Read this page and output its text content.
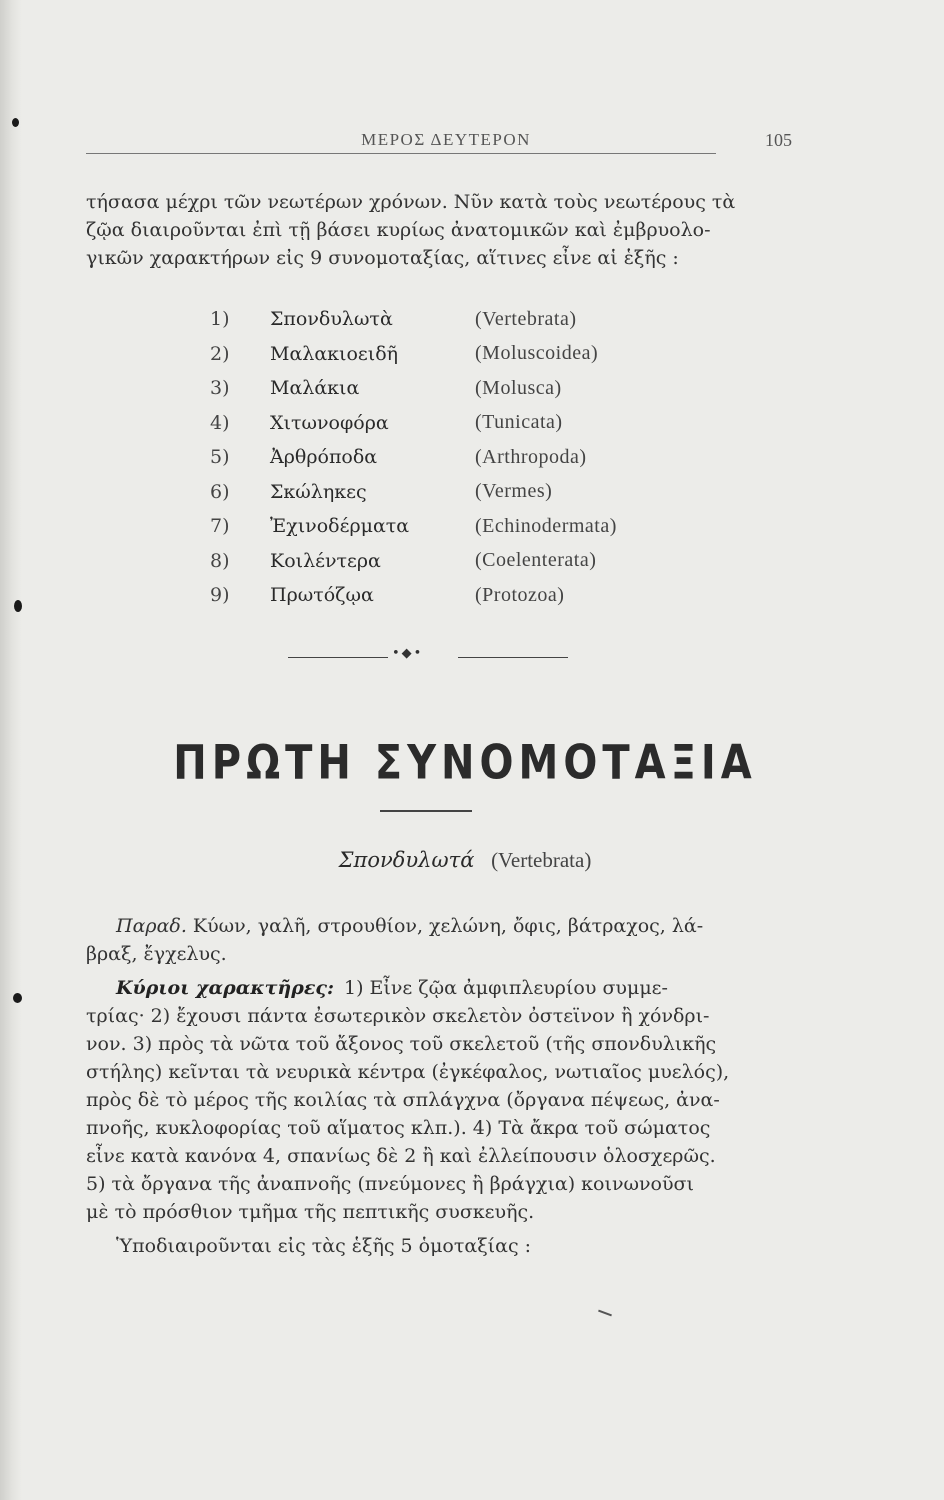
ΜΕΡΟΣ ΔΕΥΤΕΡΟΝ	105
τήσασα μέχρι τῶν νεωτέρων χρόνων. Νῦν κατὰ τοὺς νεωτέρους τὰ
ζῷα διαιροῦνται ἐπὶ τῇ βάσει κυρίως ἀνατομικῶν καὶ ἐμβρυολο-
γικῶν χαρακτήρων εἰς 9 συνομοταξίας, αἵτινες εἶνε αἱ ἑξῆς :
1)	Σπονδυλωτὰ	(Vertebrata)
2)	Μαλακιοειδῆ	(Moluscoidea)
3)	Μαλάκια	(Molusca)
4)	Χιτωνοφόρα	(Tunicata)
5)	Ἀρθρόποδα	(Arthropoda)
6)	Σκώληκες	(Vermes)
7)	Ἐχινοδέρματα	(Echinodermata)
8)	Κοιλέντερα	(Coelenterata)
9)	Πρωτόζῳα	(Protozoa)
•◆•
ΠΡΩΤΗ ΣΥΝΟΜΟΤΑΞΙΑ
Σπονδυλωτά (Vertebrata)

Παραδ. Κύων, γαλῆ, στρουθίον, χελώνη, ὄφις, βάτραχος, λά-
βραξ, ἔγχελυς.

Κύριοι χαρακτῆρες: 1) Εἶνε ζῷα ἀμφιπλευρίου συμμε-
τρίας· 2) ἔχουσι πάντα ἐσωτερικὸν σκελετὸν ὀστεϊνον ἢ χόνδρι-
νον. 3) πρὸς τὰ νῶτα τοῦ ἄξονος τοῦ σκελετοῦ (τῆς σπονδυλικῆς
στήλης) κεῖνται τὰ νευρικὰ κέντρα (ἐγκέφαλος, νωτιαῖος μυελός),
πρὸς δὲ τὸ μέρος τῆς κοιλίας τὰ σπλάγχνα (ὄργανα πέψεως, ἀνα-
πνοῆς, κυκλοφορίας τοῦ αἵματος κλπ.). 4) Τὰ ἄκρα τοῦ σώματος
εἶνε κατὰ κανόνα 4, σπανίως δὲ 2 ἢ καὶ ἐλλείπουσιν ὁλοσχερῶς.
5) τὰ ὄργανα τῆς ἀναπνοῆς (πνεύμονες ἢ βράγχια) κοινωνοῦσι
μὲ τὸ πρόσθιον τμῆμα τῆς πεπτικῆς συσκευῆς.

Ὑποδιαιροῦνται εἰς τὰς ἑξῆς 5 ὁμοταξίας :
